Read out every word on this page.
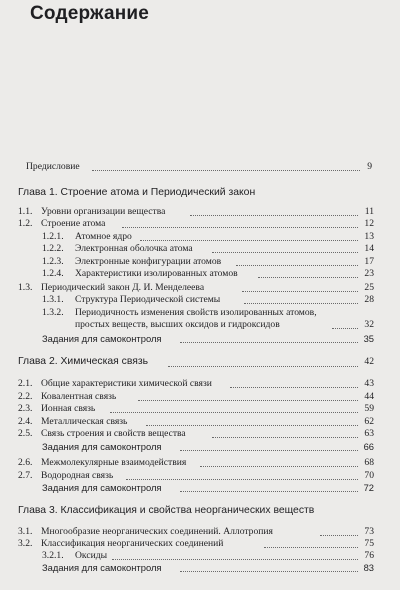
Содержание
Предисловие	9
Глава 1. Строение атома и Периодический закон
1.1. Уровни организации вещества	11
1.2. Строение атома	12
1.2.1. Атомное ядро	13
1.2.2. Электронная оболочка атома	14
1.2.3. Электронные конфигурации атомов	17
1.2.4. Характеристики изолированных атомов	23
1.3. Периодический закон Д. И. Менделеева	25
1.3.1. Структура Периодической системы	28
1.3.2. Периодичность изменения свойств изолированных атомов,
простых веществ, высших оксидов и гидроксидов	32
Задания для самоконтроля	35
Глава 2. Химическая связь	42
2.1. Общие характеристики химической связи	43
2.2. Ковалентная связь	44
2.3. Ионная связь	59
2.4. Металлическая связь	62
2.5. Связь строения и свойств вещества	63
Задания для самоконтроля	66
2.6. Межмолекулярные взаимодействия	68
2.7. Водородная связь	70
Задания для самоконтроля	72
Глава 3. Классификация и свойства неорганических веществ
3.1. Многообразие неорганических соединений. Аллотропия	73
3.2. Классификация неорганических соединений	75
3.2.1. Оксиды	76
Задания для самоконтроля	83
